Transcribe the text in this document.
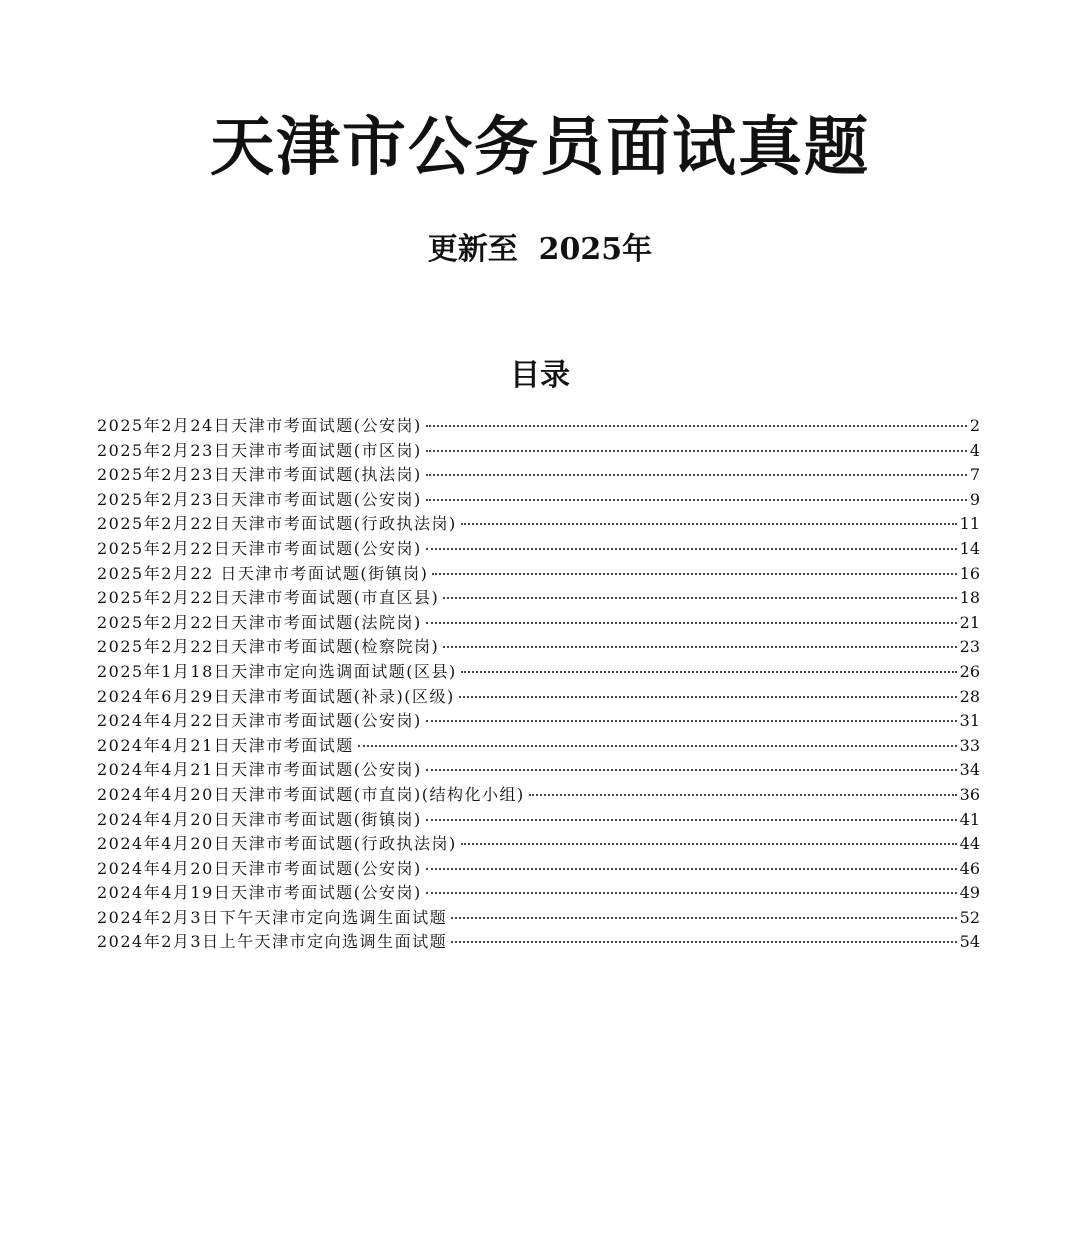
天津市公务员面试真题
更新至  2025年
目录
2025年2月24日天津市考面试题(公安岗)	2
2025年2月23日天津市考面试题(市区岗)	4
2025年2月23日天津市考面试题(执法岗)	7
2025年2月23日天津市考面试题(公安岗)	9
2025年2月22日天津市考面试题(行政执法岗)	11
2025年2月22日天津市考面试题(公安岗)	14
2025年2月22 日天津市考面试题(街镇岗)	16
2025年2月22日天津市考面试题(市直区县)	18
2025年2月22日天津市考面试题(法院岗)	21
2025年2月22日天津市考面试题(检察院岗)	23
2025年1月18日天津市定向选调面试题(区县)	26
2024年6月29日天津市考面试题(补录)(区级)	28
2024年4月22日天津市考面试题(公安岗)	31
2024年4月21日天津市考面试题	33
2024年4月21日天津市考面试题(公安岗)	34
2024年4月20日天津市考面试题(市直岗)(结构化小组)	36
2024年4月20日天津市考面试题(街镇岗)	41
2024年4月20日天津市考面试题(行政执法岗)	44
2024年4月20日天津市考面试题(公安岗)	46
2024年4月19日天津市考面试题(公安岗)	49
2024年2月3日下午天津市定向选调生面试题	52
2024年2月3日上午天津市定向选调生面试题	54
